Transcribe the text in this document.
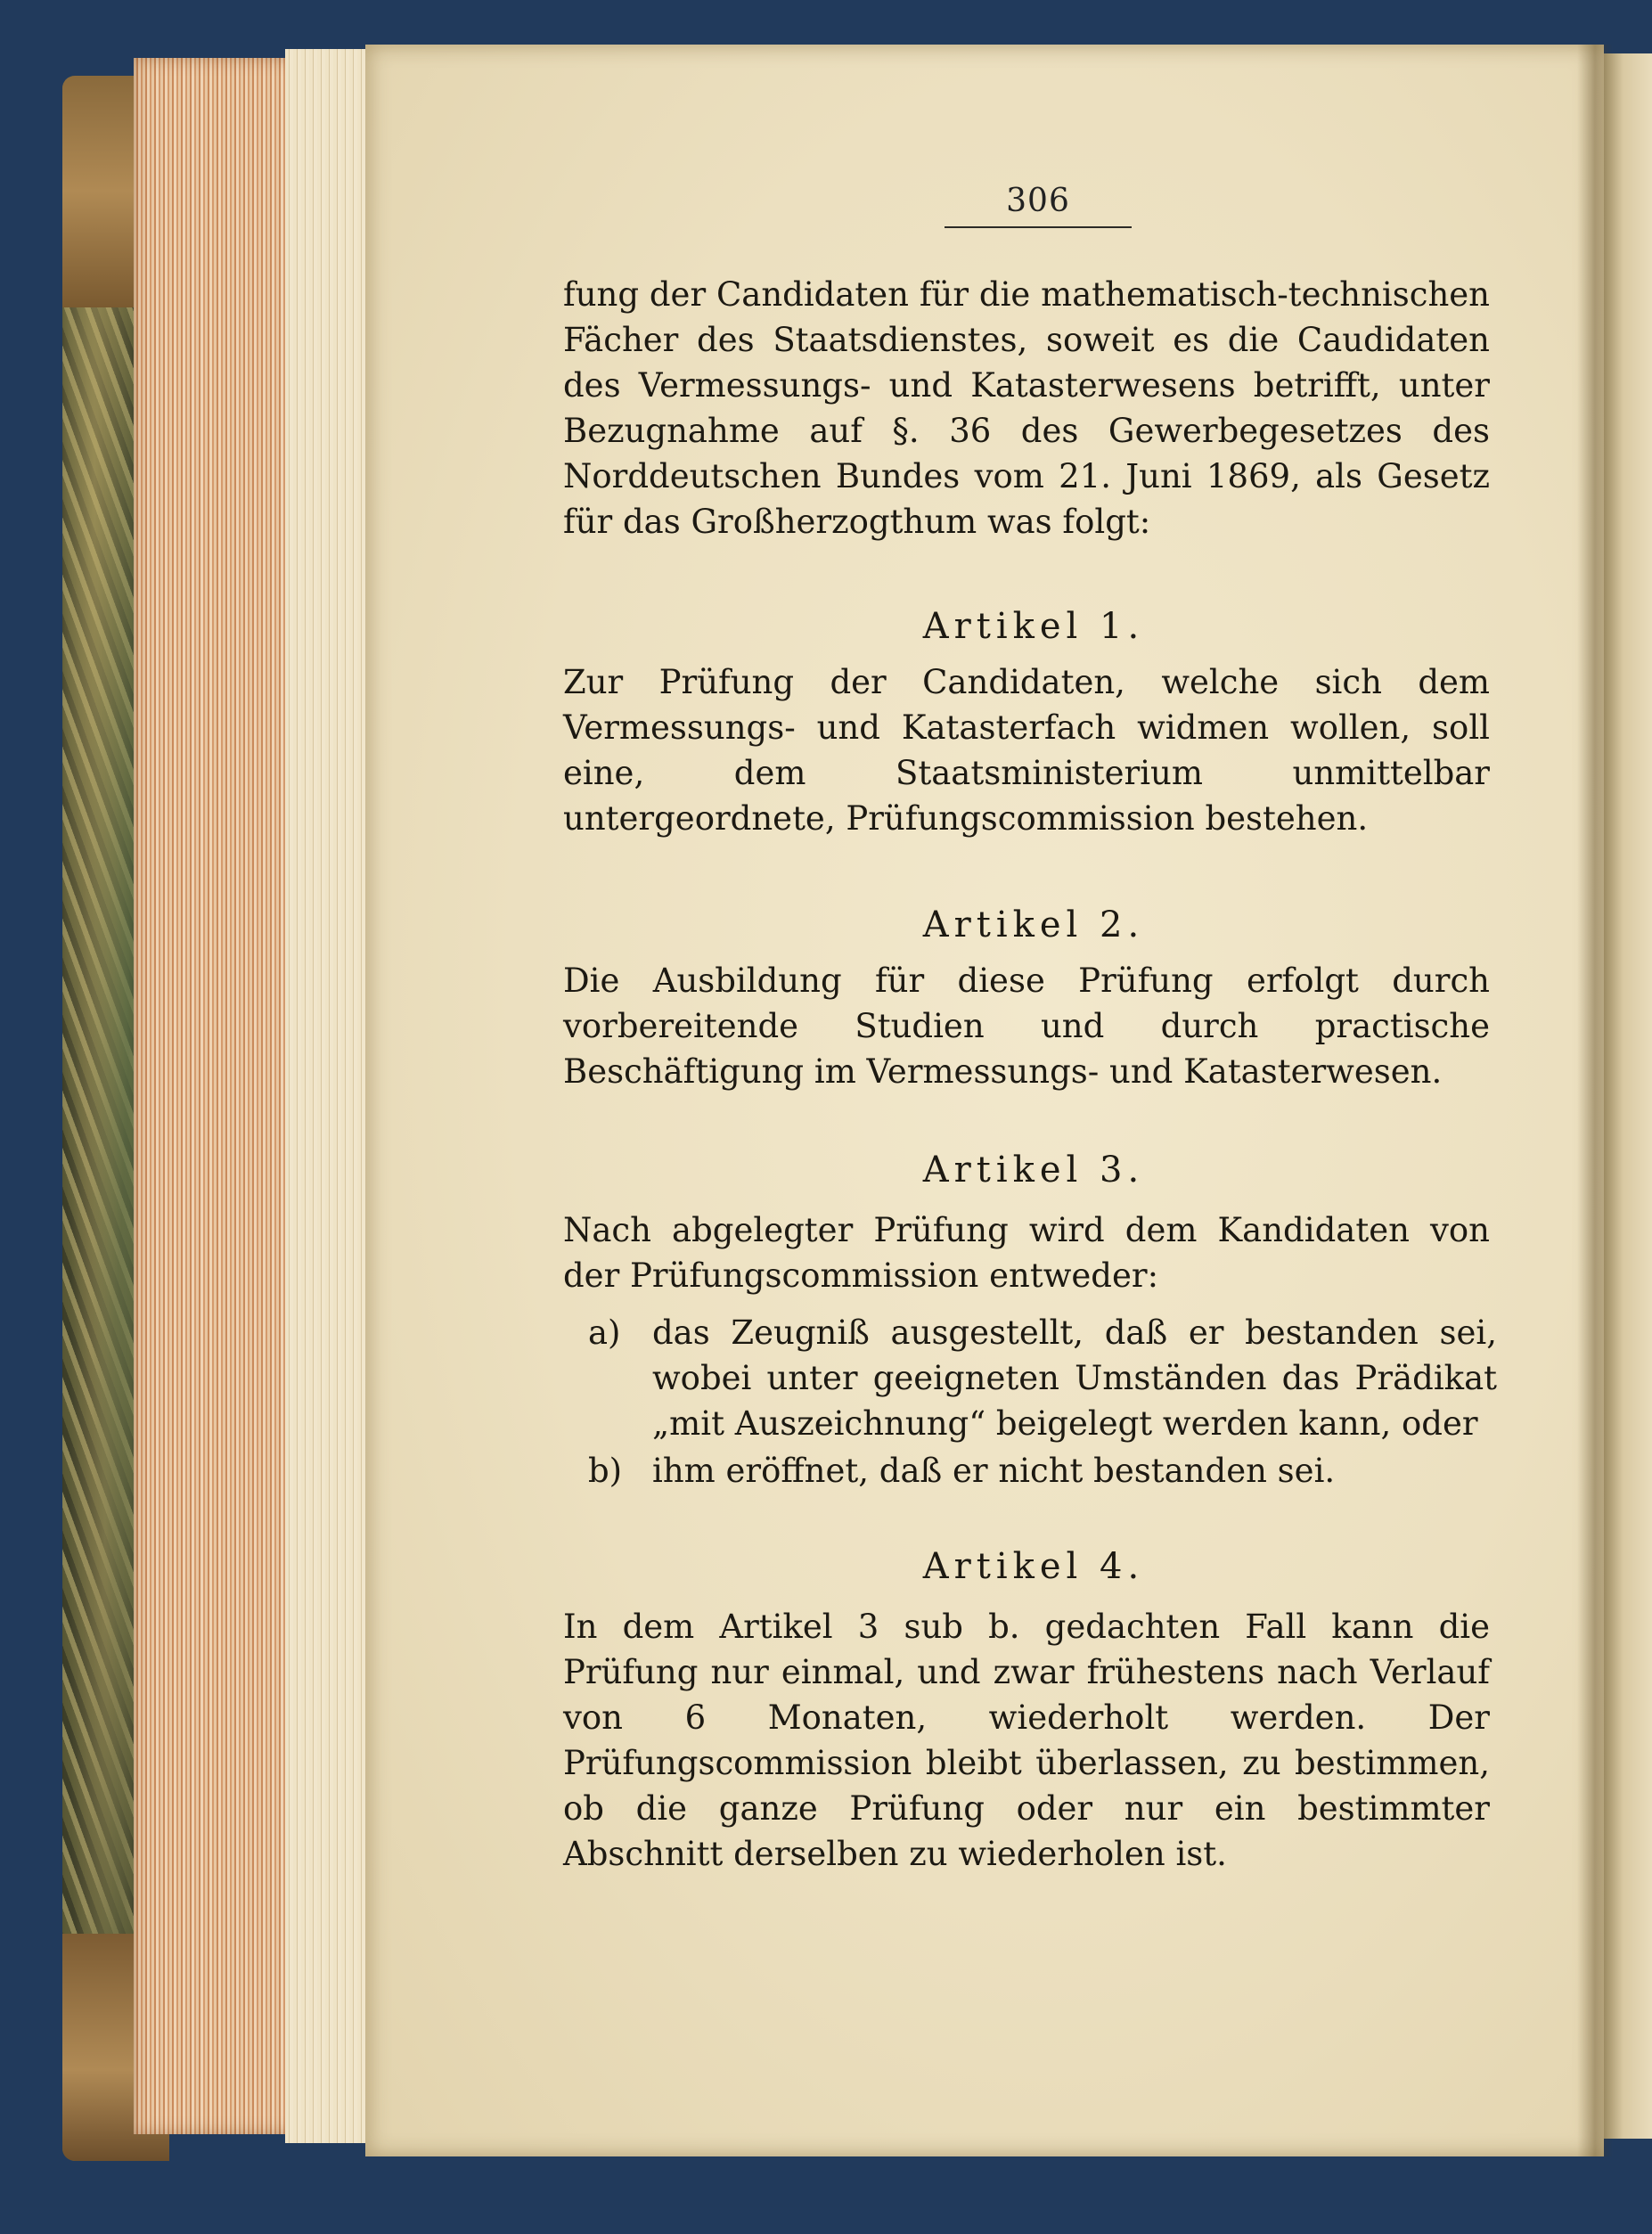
306
fung der Candidaten für die mathematisch-technischen Fächer des Staatsdienstes, soweit es die Caudidaten des Vermessungs- und Katasterwesens betrifft, unter Bezugnahme auf §. 36 des Gewerbegesetzes des Norddeutschen Bundes vom 21. Juni 1869, als Gesetz für das Großherzogthum was folgt:
Artikel 1.
Zur Prüfung der Candidaten, welche sich dem Vermessungs- und Katasterfach widmen wollen, soll eine, dem Staatsministerium unmittelbar untergeordnete, Prüfungscommission bestehen.
Artikel 2.
Die Ausbildung für diese Prüfung erfolgt durch vorbereitende Studien und durch practische Beschäftigung im Vermessungs- und Katasterwesen.
Artikel 3.
Nach abgelegter Prüfung wird dem Kandidaten von der Prüfungscommission entweder:
a) das Zeugniß ausgestellt, daß er bestanden sei, wobei unter geeigneten Umständen das Prädikat „mit Auszeichnung“ beigelegt werden kann, oder
b) ihm eröffnet, daß er nicht bestanden sei.
Artikel 4.
In dem Artikel 3 sub b. gedachten Fall kann die Prüfung nur einmal, und zwar frühestens nach Verlauf von 6 Monaten, wiederholt werden. Der Prüfungscommission bleibt überlassen, zu bestimmen, ob die ganze Prüfung oder nur ein bestimmter Abschnitt derselben zu wiederholen ist.
